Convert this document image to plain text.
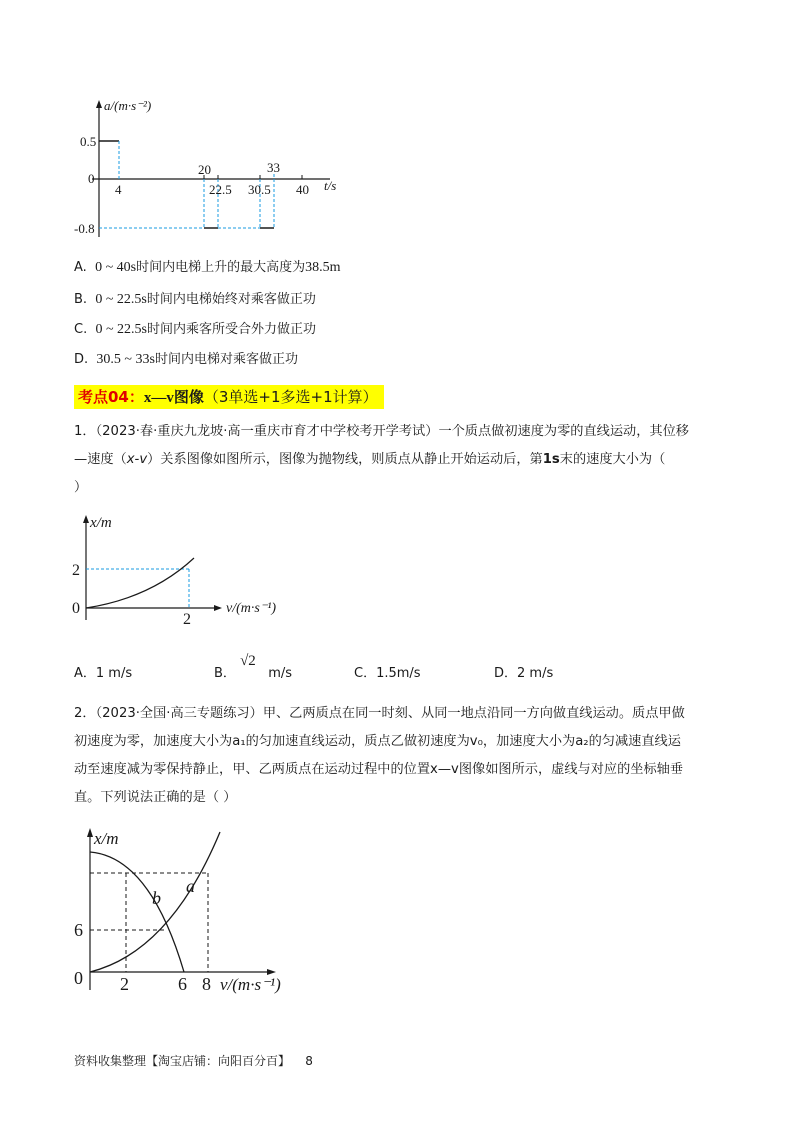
a/(m·s⁻²)
0.5
0
-0.8
4
20
22.5 30.5
33
40 t/s
A. 0 ~ 40s时间内电梯上升的最大高度为38.5m
B. 0 ~ 22.5s时间内电梯始终对乘客做正功
C. 0 ~ 22.5s时间内乘客所受合外力做正功
D. 30.5 ~ 33s时间内电梯对乘客做正功
考点04：x—v图像（3单选+1多选+1计算）
1．（2023·春·重庆九龙坡·高一重庆市育才中学校考开学考试）一个质点做初速度为零的直线运动，其位移
—速度（x-v）关系图像如图所示，图像为抛物线，则质点从静止开始运动后，第1s末的速度大小为（
）
x/m
2
0
2
v/(m·s⁻¹)
A．1 m/s	B． √2   m/s	C．1.5m/s	D．2 m/s
2．（2023·全国·高三专题练习）甲、乙两质点在同一时刻、从同一地点沿同一方向做直线运动。质点甲做
初速度为零，加速度大小为a₁的匀加速直线运动，质点乙做初速度为v₀，加速度大小为a₂的匀减速直线运
动至速度减为零保持静止，甲、乙两质点在运动过程中的位置x—v图像如图所示，虚线与对应的坐标轴垂
直。下列说法正确的是（ ）
x/m
6
0 2	6 8 v/(m·s⁻¹)
a
b
资料收集整理【淘宝店铺：向阳百分百】 8
